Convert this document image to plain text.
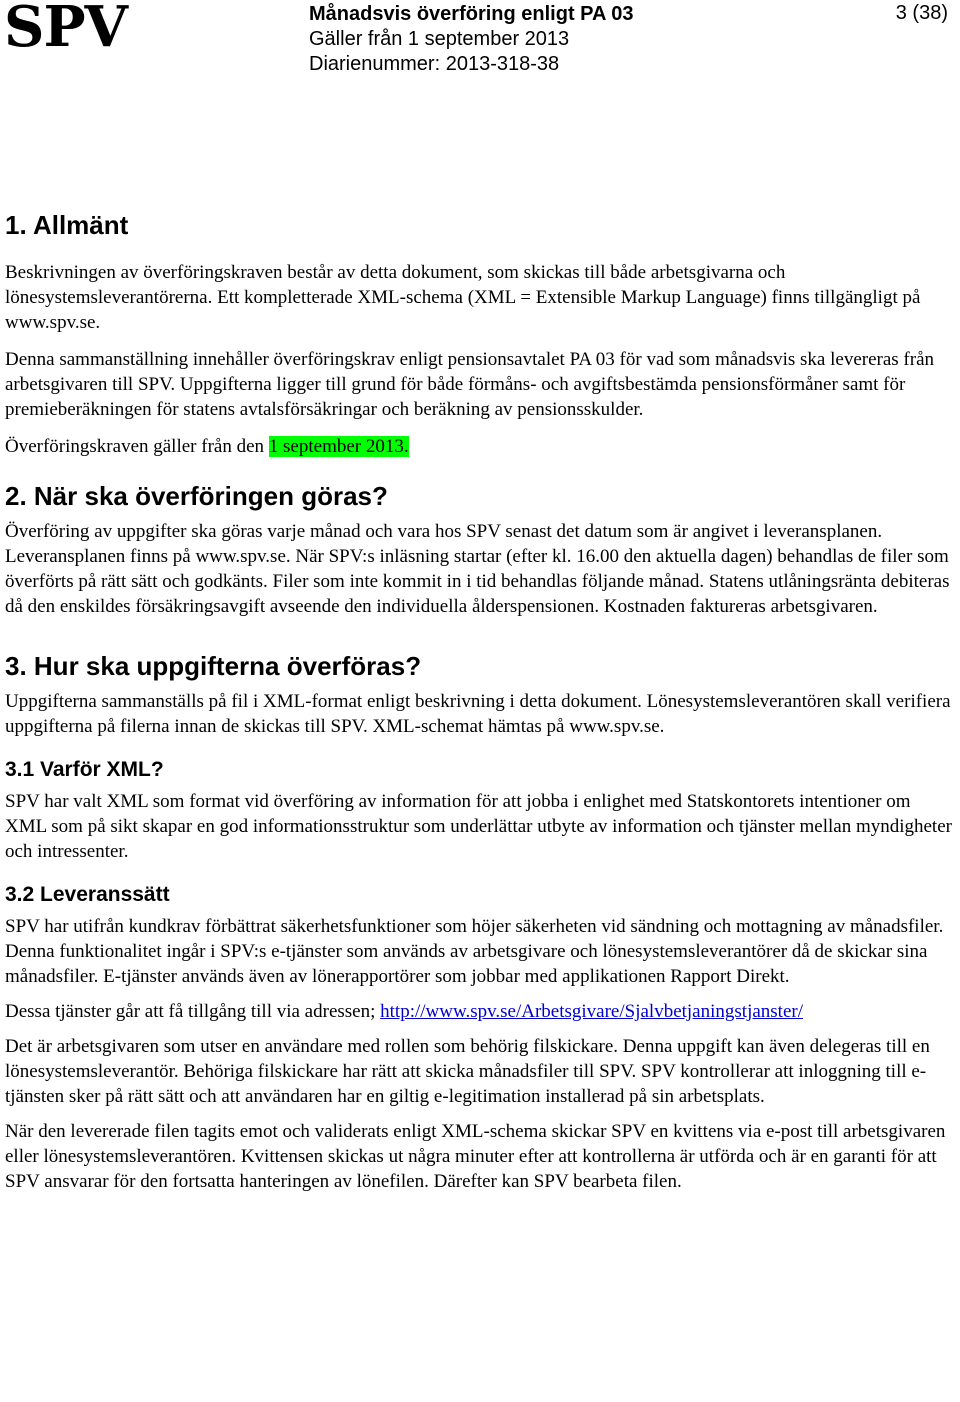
SPV	Månadsvis överföring enligt PA 03
Gäller från 1 september 2013
Diarienummer: 2013-318-38
3 (38)
1. Allmänt

Beskrivningen av överföringskraven består av detta dokument, som skickas till både arbetsgivarna och lönesystemsleverantörerna. Ett kompletterade XML-schema (XML = Extensible Markup Language) finns tillgängligt på www.spv.se.

Denna sammanställning innehåller överföringskrav enligt pensionsavtalet PA 03 för vad som månadsvis ska levereras från arbetsgivaren till SPV. Uppgifterna ligger till grund för både förmåns- och avgiftsbestämda pensionsförmåner samt för premieberäkningen för statens avtalsförsäkringar och beräkning av pensionsskulder.

Överföringskraven gäller från den 1 september 2013.

2. När ska överföringen göras?

Överföring av uppgifter ska göras varje månad och vara hos SPV senast det datum som är angivet i leveransplanen. Leveransplanen finns på www.spv.se. När SPV:s inläsning startar (efter kl. 16.00 den aktuella dagen) behandlas de filer som överförts på rätt sätt och godkänts. Filer som inte kommit in i tid behandlas följande månad. Statens utlåningsränta debiteras då den enskildes försäkringsavgift avseende den individuella ålderspensionen. Kostnaden faktureras arbetsgivaren.

3. Hur ska uppgifterna överföras?

Uppgifterna sammanställs på fil i XML-format enligt beskrivning i detta dokument. Lönesystemsleverantören skall verifiera uppgifterna på filerna innan de skickas till SPV. XML-schemat hämtas på www.spv.se.

3.1 Varför XML?

SPV har valt XML som format vid överföring av information för att jobba i enlighet med Statskontorets intentioner om XML som på sikt skapar en god informationsstruktur som underlättar utbyte av information och tjänster mellan myndigheter och intressenter.

3.2 Leveranssätt

SPV har utifrån kundkrav förbättrat säkerhetsfunktioner som höjer säkerheten vid sändning och mottagning av månadsfiler. Denna funktionalitet ingår i SPV:s e-tjänster som används av arbetsgivare och lönesystemsleverantörer då de skickar sina månadsfiler. E-tjänster används även av lönerapportörer som jobbar med applikationen Rapport Direkt.

Dessa tjänster går att få tillgång till via adressen; http://www.spv.se/Arbetsgivare/Sjalvbetjaningstjanster/

Det är arbetsgivaren som utser en användare med rollen som behörig filskickare. Denna uppgift kan även delegeras till en lönesystemsleverantör. Behöriga filskickare har rätt att skicka månadsfiler till SPV. SPV kontrollerar att inloggning till e-tjänsten sker på rätt sätt och att användaren har en giltig e-legitimation installerad på sin arbetsplats.

När den levererade filen tagits emot och validerats enligt XML-schema skickar SPV en kvittens via e-post till arbetsgivaren eller lönesystemsleverantören. Kvittensen skickas ut några minuter efter att kontrollerna är utförda och är en garanti för att SPV ansvarar för den fortsatta hanteringen av lönefilen. Därefter kan SPV bearbeta filen.
